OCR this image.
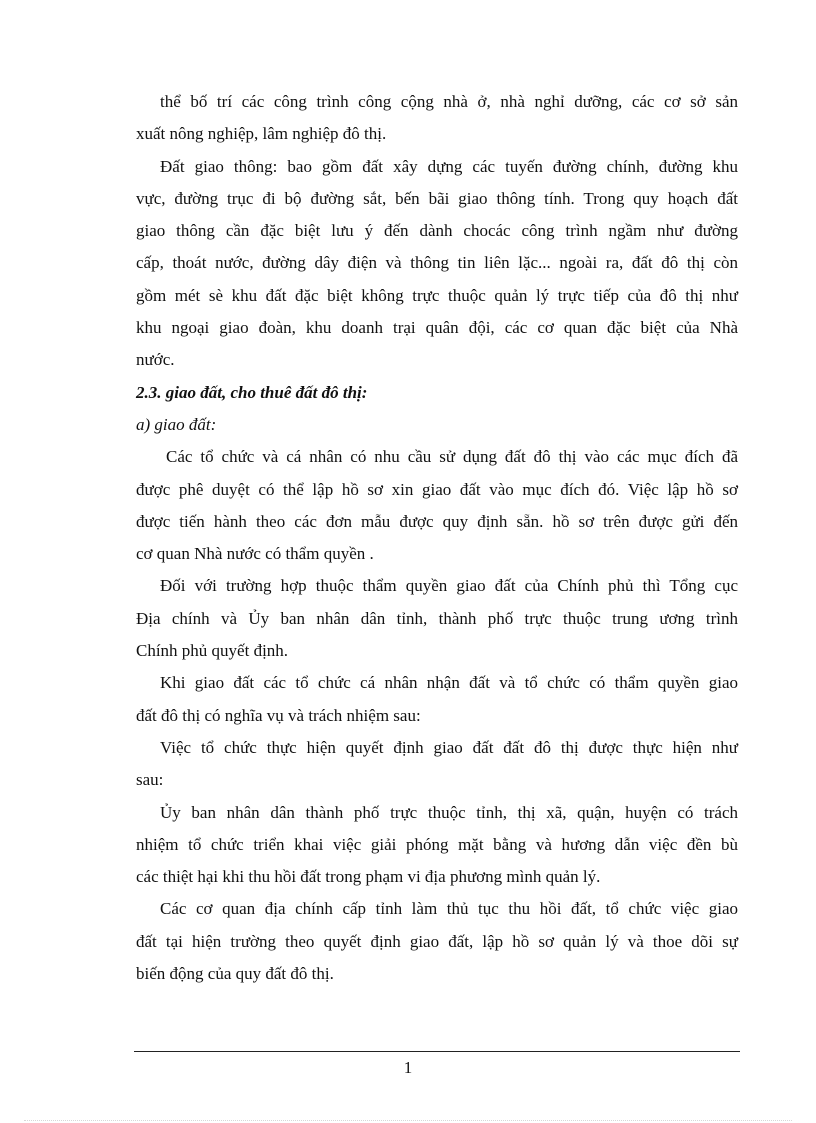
thể bố trí các công trình công cộng nhà ở, nhà nghỉ dưỡng, các cơ sở sản
xuất nông nghiệp, lâm nghiệp đô thị.
Đất giao thông: bao gồm đất xây dựng các tuyến đường chính, đường khu
vực, đường trục đi bộ đường sắt, bến bãi giao thông tính. Trong quy hoạch đất
giao thông cần đặc biệt lưu ý đến dành chocác công trình ngầm như đường
cấp, thoát nước, đường dây điện và thông tin liên lặc... ngoài ra, đất đô thị còn
gồm mét sè khu đất đặc biệt không trực thuộc quản lý trực tiếp của đô thị như
khu ngoại giao đoàn, khu doanh trại quân đội, các cơ quan đặc biệt của Nhà
nước.
2.3. giao đất, cho thuê đất đô thị:
a) giao đất:
Các tổ chức và cá nhân có nhu cầu sử dụng đất đô thị vào các mục đích đã
được phê duyệt có thể lập hồ sơ xin giao đất vào mục đích đó. Việc lập hồ sơ
được tiến hành theo các đơn mẫu được quy định sẵn. hồ sơ trên được gửi đến
cơ quan Nhà nước có thẩm quyền .
Đối với trường hợp thuộc thẩm quyền giao đất của Chính phủ thì Tổng cục
Địa chính và Ủy ban nhân dân tỉnh, thành phố trực thuộc trung ương trình
Chính phủ quyết định.
Khi giao đất các tổ chức cá nhân nhận đất và tổ chức có thẩm quyền giao
đất đô thị có nghĩa vụ và trách nhiệm sau:
Việc tổ chức thực hiện quyết định giao đất đất đô thị được thực hiện như
sau:
Ủy ban nhân dân thành phố trực thuộc tỉnh, thị xã, quận, huyện có trách
nhiệm tổ chức triển khai việc giải phóng mặt bằng và hương dẫn việc đền bù
các thiệt hại khi thu hồi đất trong phạm vi địa phương mình quản lý.
Các cơ quan địa chính cấp tỉnh làm thủ tục thu hồi đất, tổ chức việc giao
đất tại hiện trường theo quyết định giao đất, lập hồ sơ quản lý và thoe dõi sự
biến động của quy đất đô thị.
1
